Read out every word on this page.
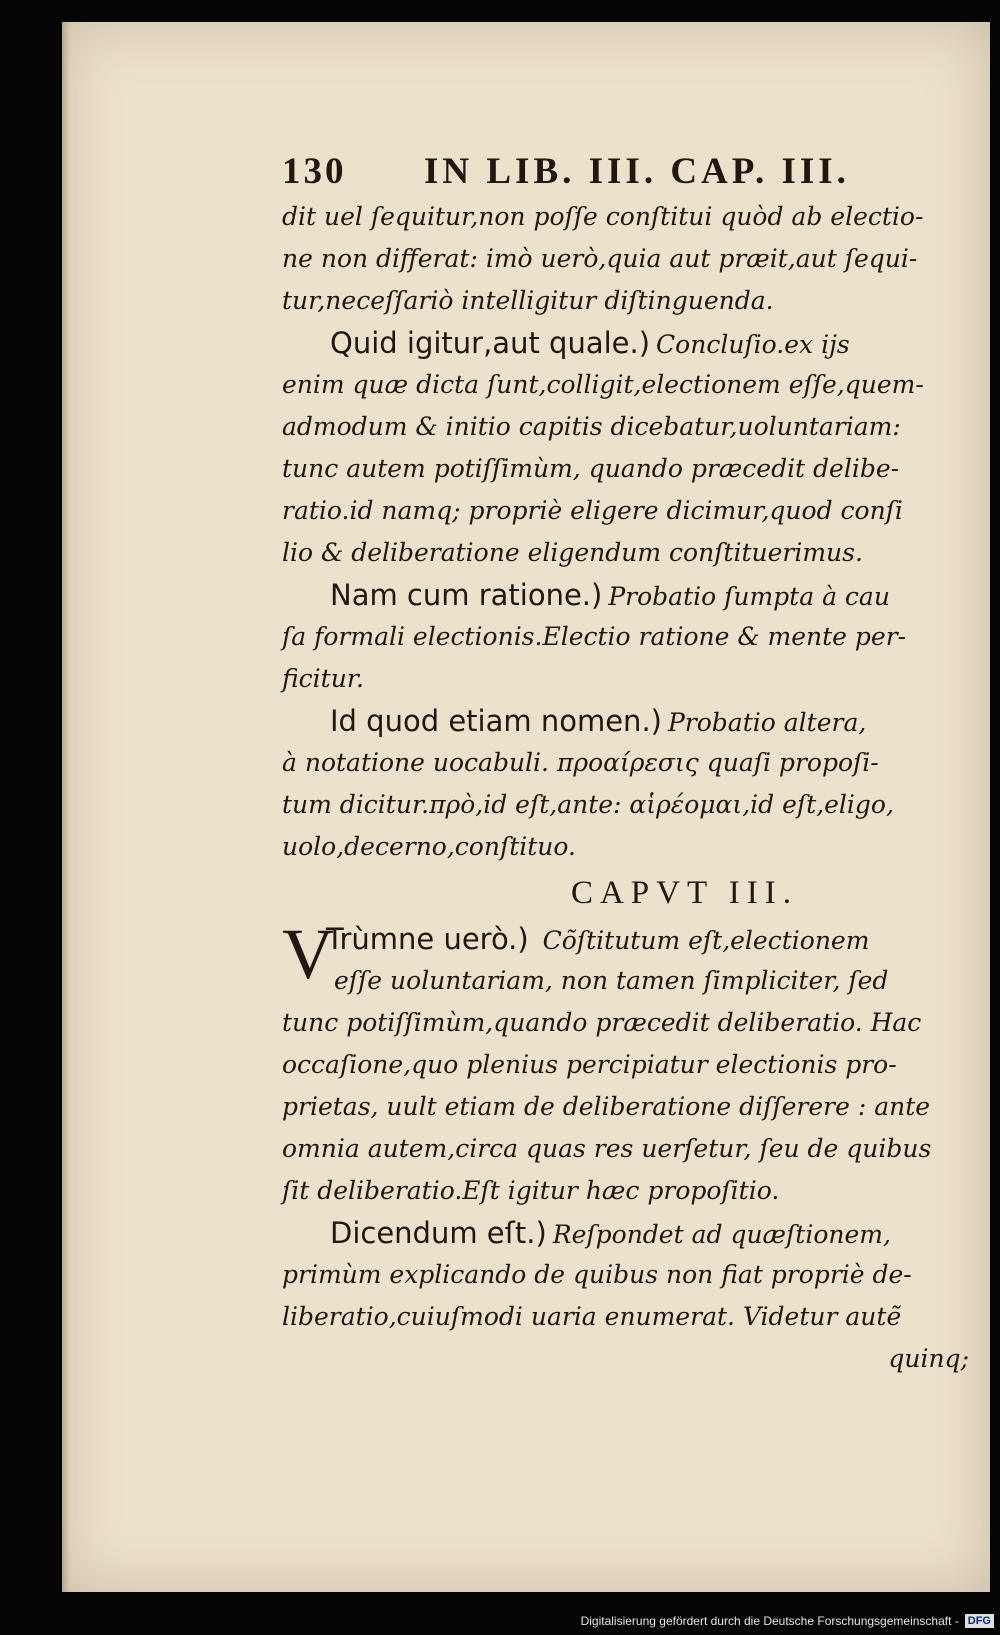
130	IN LIB. III. CAP. III.
dit uel ſequitur,non poſſe conſtitui quòd ab electio-
ne non differat: imò uerò,quia aut præit,aut ſequi-
tur,neceſſariò intelligitur diſtinguenda.
Quid igitur,aut quale.) Concluſio.ex ijs
enim quæ dicta ſunt,colligit,electionem eſſe,quem-
admodum & initio capitis dicebatur,uoluntariam:
tunc autem potiſſimùm, quando præcedit delibe-
ratio.id namq; propriè eligere dicimur,quod conſi
lio & deliberatione eligendum conſtituerimus.
Nam cum ratione.) Probatio ſumpta à cau
ſa formali electionis.Electio ratione & mente per-
ficitur.
Id quod etiam nomen.) Probatio altera,
à notatione uocabuli. προαίρεσις quaſi propoſi-
tum dicitur.πρὸ,id eſt,ante: αἱρέομαι,id eſt,eligo,
uolo,decerno,conſtituo.
CAPVT III.
V
Trùmne uerò.) Cõſtitutum eſt,electionem
eſſe uoluntariam, non tamen ſimpliciter, ſed
tunc potiſſimùm,quando præcedit deliberatio. Hac
occaſione,quo plenius percipiatur electionis pro-
prietas, uult etiam de deliberatione diſſerere : ante
omnia autem,circa quas res uerſetur, ſeu de quibus
ſit deliberatio.Eſt igitur hæc propoſitio.
Dicendum eſt.) Reſpondet ad quæſtionem,
primùm explicando de quibus non fiat propriè de-
liberatio,cuiuſmodi uaria enumerat. Videtur autẽ
quinq;
Digitalisierung gefördert durch die Deutsche Forschungsgemeinschaft - DFG
